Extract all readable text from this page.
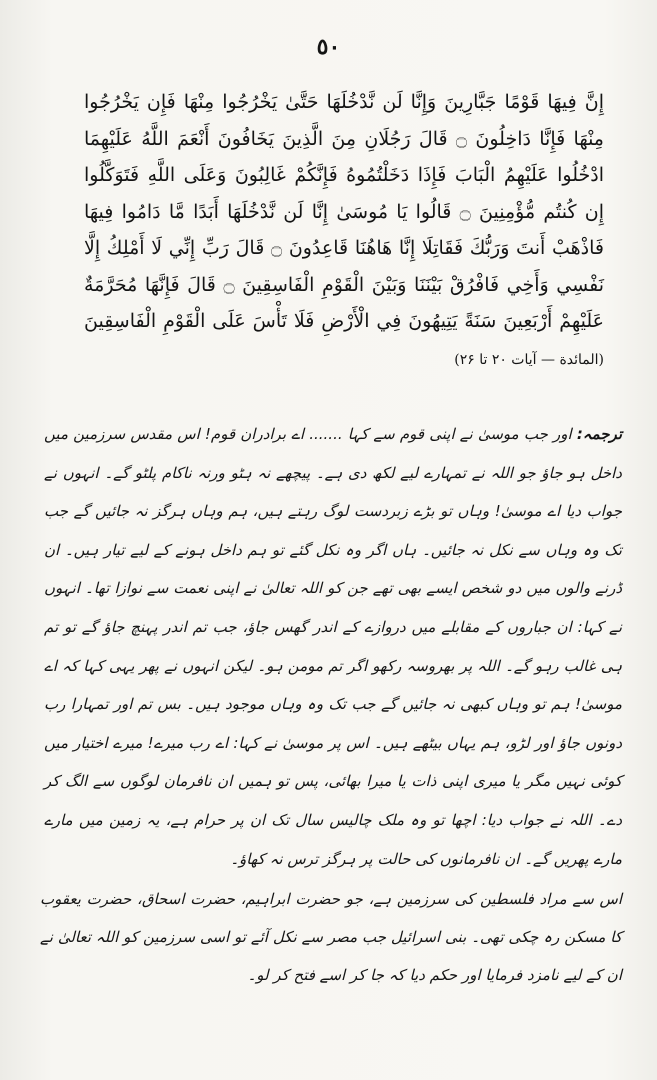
٥٠
إِنَّ فِيهَا قَوْمًا جَبَّارِينَ وَإِنَّا لَن نَّدْخُلَهَا حَتَّىٰ يَخْرُجُوا مِنْهَا فَإِن يَخْرُجُوا مِنْهَا فَإِنَّا دَاخِلُونَ ۝ قَالَ رَجُلَانِ مِنَ الَّذِينَ يَخَافُونَ أَنْعَمَ اللَّهُ عَلَيْهِمَا ادْخُلُوا عَلَيْهِمُ الْبَابَ فَإِذَا دَخَلْتُمُوهُ فَإِنَّكُمْ غَالِبُونَ وَعَلَى اللَّهِ فَتَوَكَّلُوا إِن كُنتُم مُّؤْمِنِينَ ۝ قَالُوا يَا مُوسَىٰ إِنَّا لَن نَّدْخُلَهَا أَبَدًا مَّا دَامُوا فِيهَا فَاذْهَبْ أَنتَ وَرَبُّكَ فَقَاتِلَا إِنَّا هَاهُنَا قَاعِدُونَ ۝ قَالَ رَبِّ إِنِّي لَا أَمْلِكُ إِلَّا نَفْسِي وَأَخِي فَافْرُقْ بَيْنَنَا وَبَيْنَ الْقَوْمِ الْفَاسِقِينَ ۝ قَالَ فَإِنَّهَا مُحَرَّمَةٌ عَلَيْهِمْ أَرْبَعِينَ سَنَةً يَتِيهُونَ فِي الْأَرْضِ فَلَا تَأْسَ عَلَى الْقَوْمِ الْفَاسِقِينَ (المائدة — آیات ۲۰ تا ۲۶)
ترجمہ: اور جب موسیٰ نے اپنی قوم سے کہا ....... اے برادران قوم! اس مقدس سرزمین میں داخل ہو جاؤ جو اللہ نے تمہارے لیے لکھ دی ہے۔ پیچھے نہ ہٹو ورنہ ناکام پلٹو گے۔ انہوں نے جواب دیا اے موسیٰ! وہاں تو بڑے زبردست لوگ رہتے ہیں، ہم وہاں ہرگز نہ جائیں گے جب تک وہ وہاں سے نکل نہ جائیں۔ ہاں اگر وہ نکل گئے تو ہم داخل ہونے کے لیے تیار ہیں۔ ان ڈرنے والوں میں دو شخص ایسے بھی تھے جن کو اللہ تعالیٰ نے اپنی نعمت سے نوازا تھا۔ انہوں نے کہا: ان جباروں کے مقابلے میں دروازے کے اندر گھس جاؤ، جب تم اندر پہنچ جاؤ گے تو تم ہی غالب رہو گے۔ اللہ پر بھروسہ رکھو اگر تم مومن ہو۔ لیکن انہوں نے پھر یہی کہا کہ اے موسیٰ! ہم تو وہاں کبھی نہ جائیں گے جب تک وہ وہاں موجود ہیں۔ بس تم اور تمہارا رب دونوں جاؤ اور لڑو، ہم یہاں بیٹھے ہیں۔ اس پر موسیٰ نے کہا: اے رب میرے! میرے اختیار میں کوئی نہیں مگر یا میری اپنی ذات یا میرا بھائی، پس تو ہمیں ان نافرمان لوگوں سے الگ کر دے۔ اللہ نے جواب دیا: اچھا تو وہ ملک چالیس سال تک ان پر حرام ہے، یہ زمین میں مارے مارے پھریں گے۔ ان نافرمانوں کی حالت پر ہرگز ترس نہ کھاؤ۔
اس سے مراد فلسطین کی سرزمین ہے، جو حضرت ابراہیم، حضرت اسحاق، حضرت یعقوب کا مسکن رہ چکی تھی۔ بنی اسرائیل جب مصر سے نکل آئے تو اسی سرزمین کو اللہ تعالیٰ نے ان کے لیے نامزد فرمایا اور حکم دیا کہ جا کر اسے فتح کر لو۔
